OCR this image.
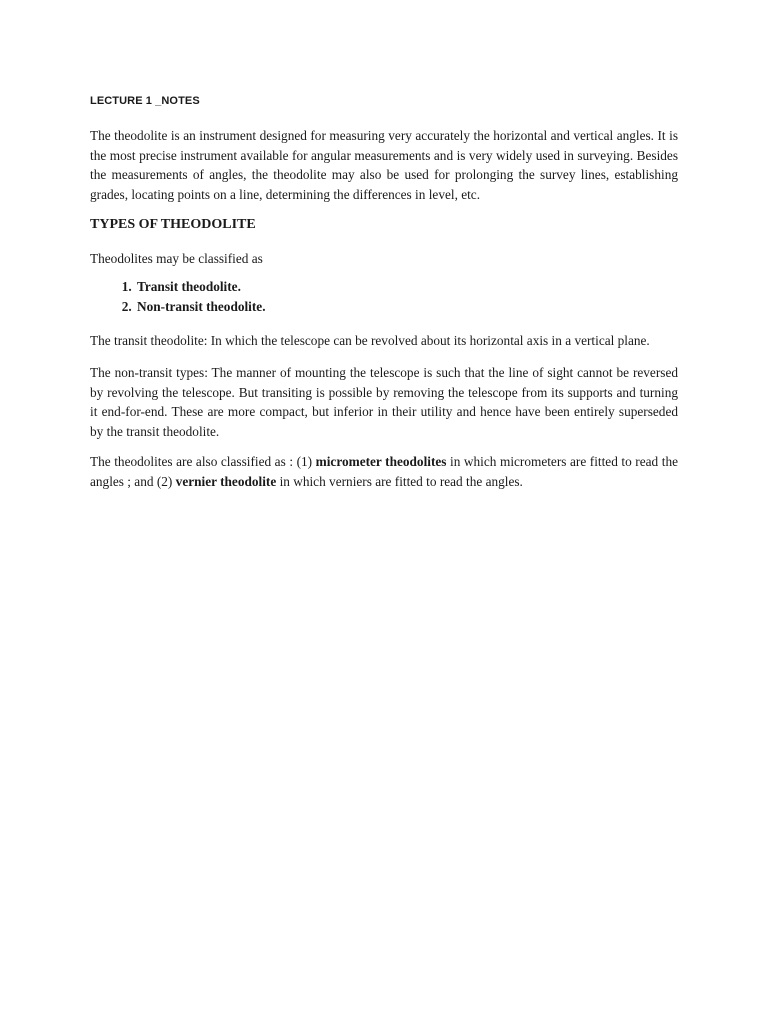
LECTURE 1 _NOTES

The theodolite is an instrument designed for measuring very accurately the horizontal and vertical angles. It is the most precise instrument available for angular measurements and is very widely used in surveying. Besides the measurements of angles, the theodolite may also be used for prolonging the survey lines, establishing grades, locating points on a line, determining the differences in level, etc.

TYPES OF THEODOLITE

Theodolites may be classified as

1. Transit theodolite.
2. Non-transit theodolite.

The transit theodolite: In which the telescope can be revolved about its horizontal axis in a vertical plane.

The non-transit types: The manner of mounting the telescope is such that the line of sight cannot be reversed by revolving the telescope. But transiting is possible by removing the telescope from its supports and turning it end-for-end. These are more compact, but inferior in their utility and hence have been entirely superseded by the transit theodolite.

The theodolites are also classified as : (1) micrometer theodolites in which micrometers are fitted to read the angles ; and (2) vernier theodolite in which verniers are fitted to read the angles.
